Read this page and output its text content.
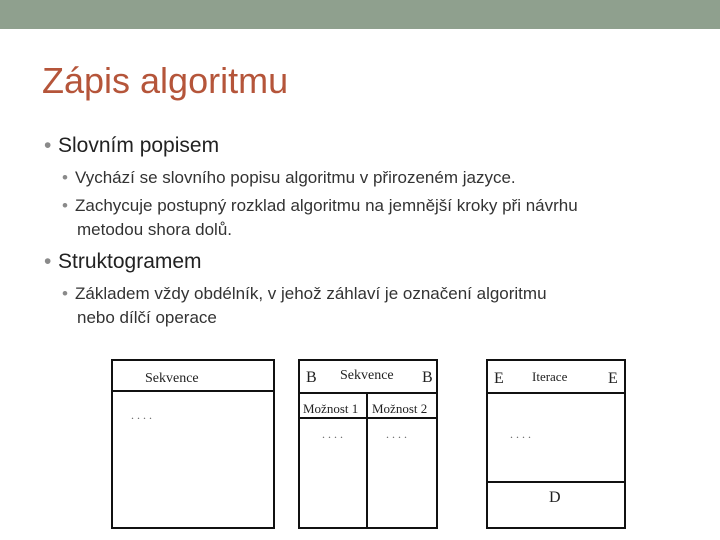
Zápis algoritmu
• Slovním popisem
• Vychází se slovního popisu algoritmu v přirozeném jazyce.
• Zachycuje postupný rozklad algoritmu na jemnější kroky při návrhu
metodou shora dolů.
• Struktogramem
• Základem vždy obdélník, v jehož záhlaví je označení algoritmu
nebo dílčí operace
Sekvence
. . . .
B Sekvence B
Možnost 1 Možnost 2
. . . .	. . . .
E Iterace	E
. . . .
D
